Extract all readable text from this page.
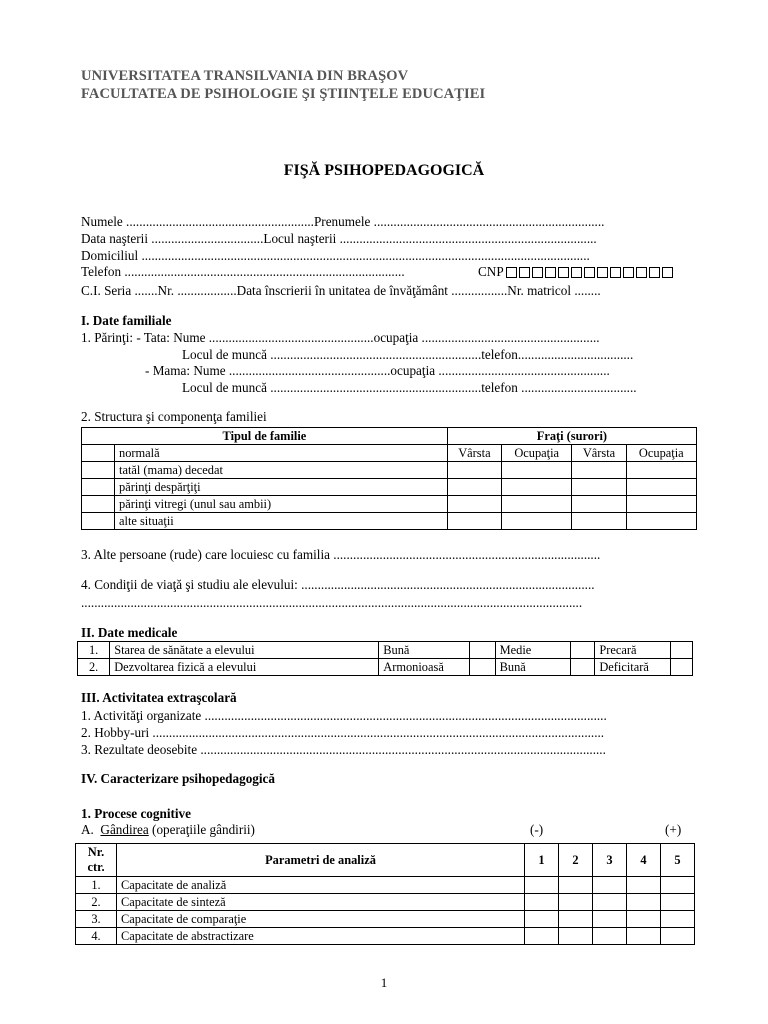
UNIVERSITATEA TRANSILVANIA DIN BRAŞOV
FACULTATEA DE PSIHOLOGIE ŞI ŞTIINŢELE EDUCAŢIEI
FIŞĂ PSIHOPEDAGOGICĂ
Numele .........................................................Prenumele ......................................................................
Data naşterii ..................................Locul naşterii ..............................................................................
Domiciliul ........................................................................................................................................
Telefon .....................................................................................	CNP
C.I. Seria .......Nr. ..................Data înscrierii în unitatea de învăţământ .................Nr. matricol ........
I. Date familiale
1. Părinţi: - Tata: Nume ..................................................ocupaţia ......................................................
Locul de muncă ................................................................telefon...................................
- Mama: Nume .................................................ocupaţia ....................................................
Locul de muncă ................................................................telefon ...................................
2. Structura şi componenţa familiei
Tipul de familie		Fraţi (surori)			
	normală	Vârsta	Ocupaţia	Vârsta	Ocupaţia
	tatăl (mama) decedat				
	părinţi despărţiţi				
	părinţi vitregi (unul sau ambii)				
	alte situaţii				
3. Alte persoane (rude) care locuiesc cu familia .................................................................................
4. Condiţii de viaţă şi studiu ale elevului: .........................................................................................
........................................................................................................................................................
II. Date medicale
1.	Starea de sănătate a elevului	Bună		Medie		Precară	
2.	Dezvoltarea fizică a elevului	Armonioasă		Bună		Deficitară	
III. Activitatea extraşcolară
1. Activităţi organizate ..........................................................................................................................
2. Hobby-uri .........................................................................................................................................
3. Rezultate deosebite ...........................................................................................................................
IV. Caracterizare psihopedagogică
1. Procese cognitive
A. Gândirea (operaţiile gândirii)	(-)	(+)
Nr.
ctr.	Parametri de analiză	1	2	3	4	5
1.	Capacitate de analiză					
2.	Capacitate de sinteză					
3.	Capacitate de comparaţie					
4.	Capacitate de abstractizare					
1
